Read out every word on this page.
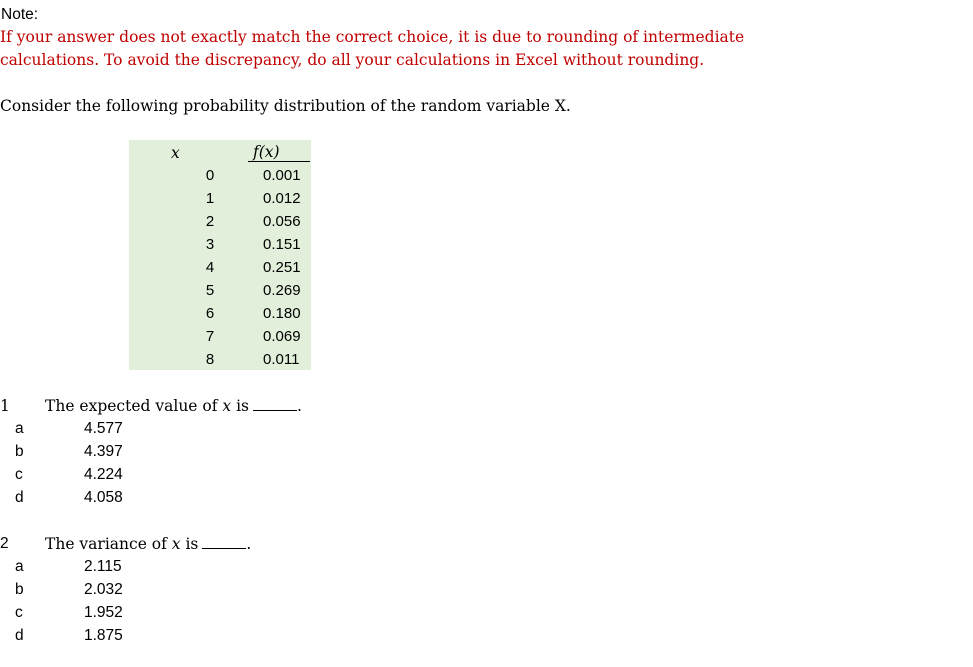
Note:
If your answer does not exactly match the correct choice, it is due to rounding of intermediate
calculations. To avoid the discrepancy, do all your calculations in Excel without rounding.
Consider the following probability distribution of the random variable X.
x	f(x)
0	0.001
1	0.012
2	0.056
3	0.151
4	0.251
5	0.269
6	0.180
7	0.069
8	0.011
1 The expected value of x is	.
a	4.577
b	4.397
c	4.224
d	4.058
2 The variance of x is	.
a	2.115
b	2.032
c	1.952
d	1.875
